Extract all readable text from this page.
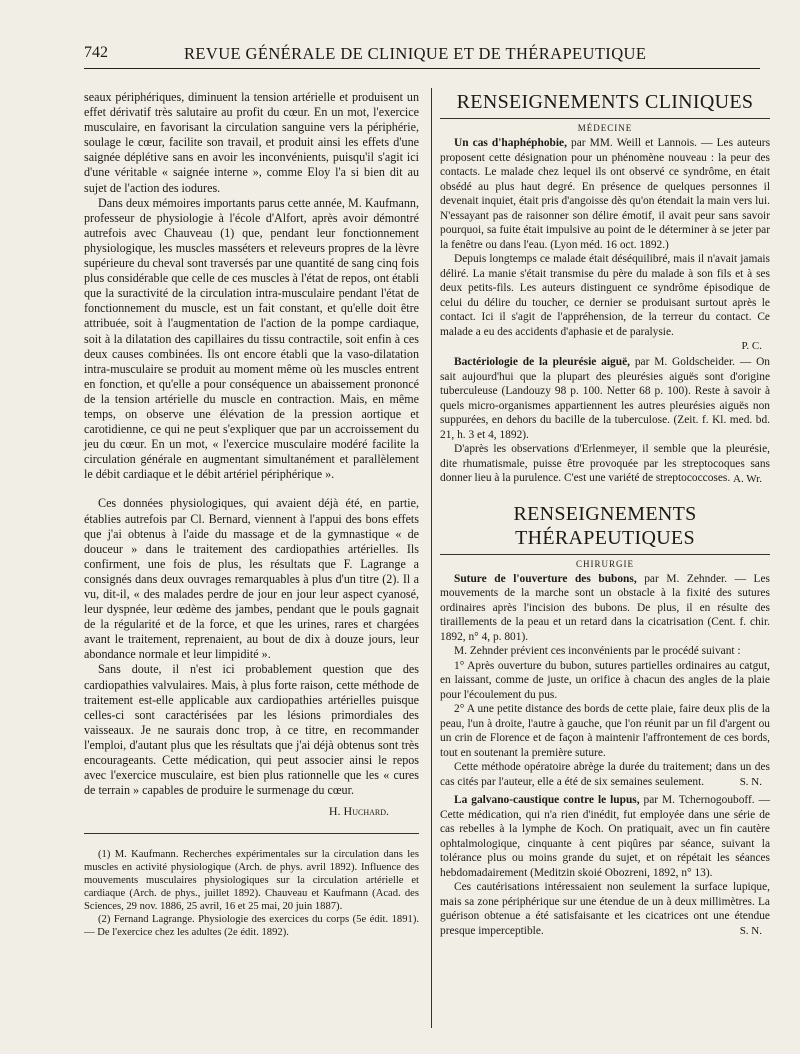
742	REVUE GÉNÉRALE DE CLINIQUE ET DE THÉRAPEUTIQUE

seaux périphériques, diminuent la tension artérielle et produisent un effet dérivatif très salutaire au profit du cœur. En un mot, l'exercice musculaire, en favorisant la circulation sanguine vers la périphérie, soulage le cœur, facilite son travail, et produit ainsi les effets d'une saignée déplétive sans en avoir les inconvénients, puisqu'il s'agit ici d'une véritable « saignée interne », comme Eloy l'a si bien dit au sujet de l'action des iodures.

Dans deux mémoires importants parus cette année, M. Kaufmann, professeur de physiologie à l'école d'Alfort, après avoir démontré autrefois avec Chauveau (1) que, pendant leur fonctionnement physiologique, les muscles masséters et releveurs propres de la lèvre supérieure du cheval sont traversés par une quantité de sang cinq fois plus considérable que celle de ces muscles à l'état de repos, ont établi que la suractivité de la circulation intra-musculaire pendant l'état de fonctionnement du muscle, est un fait constant, et qu'elle doit être attribuée, soit à l'augmentation de l'action de la pompe cardiaque, soit à la dilatation des capillaires du tissu contractile, soit enfin à ces deux causes combinées. Ils ont encore établi que la vaso-dilatation intra-musculaire se produit au moment même où les muscles entrent en fonction, et qu'elle a pour conséquence un abaissement prononcé de la tension artérielle du muscle en contraction. Mais, en même temps, on observe une élévation de la pression aortique et carotidienne, ce qui ne peut s'expliquer que par un accroissement du jeu du cœur. En un mot, « l'exercice musculaire modéré facilite la circulation générale en augmentant simultanément et parallèlement le débit cardiaque et le débit artériel périphérique ».

Ces données physiologiques, qui avaient déjà été, en partie, établies autrefois par Cl. Bernard, viennent à l'appui des bons effets que j'ai obtenus à l'aide du massage et de la gymnastique « de douceur » dans le traitement des cardiopathies artérielles. Ils confirment, une fois de plus, les résultats que F. Lagrange a consignés dans deux ouvrages remarquables à plus d'un titre (2). Il a vu, dit-il, « des malades perdre de jour en jour leur aspect cyanosé, leur dyspnée, leur œdème des jambes, pendant que le pouls gagnait de la régularité et de la force, et que les urines, rares et chargées avant le traitement, reprenaient, au bout de dix à douze jours, leur abondance normale et leur limpidité ».

Sans doute, il n'est ici probablement question que des cardiopathies valvulaires. Mais, à plus forte raison, cette méthode de traitement est-elle applicable aux cardiopathies artérielles puisque celles-ci sont caractérisées par les lésions primordiales des vaisseaux. Je ne saurais donc trop, à ce titre, en recommander l'emploi, d'autant plus que les résultats que j'ai déjà obtenus sont très encourageants. Cette médication, qui peut associer ainsi le repos avec l'exercice musculaire, est bien plus rationnelle que les « cures de terrain » capables de produire le surmenage du cœur.

H. Huchard.

(1) M. Kaufmann. Recherches expérimentales sur la circulation dans les muscles en activité physiologique (Arch. de phys. avril 1892). Influence des mouvements musculaires physiologiques sur la circulation artérielle et cardiaque (Arch. de phys., juillet 1892). Chauveau et Kaufmann (Acad. des Sciences, 29 nov. 1886, 25 avril, 16 et 25 mai, 20 juin 1887).

(2) Fernand Lagrange. Physiologie des exercices du corps (5e édit. 1891). — De l'exercice chez les adultes (2e édit. 1892).

RENSEIGNEMENTS CLINIQUES
MÉDECINE

Un cas d'haphéphobie, par MM. Weill et Lannois. — Les auteurs proposent cette désignation pour un phénomène nouveau : la peur des contacts. Le malade chez lequel ils ont observé ce syndrôme, en était obsédé au plus haut degré. En présence de quelques personnes il devenait inquiet, était pris d'angoisse dès qu'on étendait la main vers lui. N'essayant pas de raisonner son délire émotif, il avait peur sans savoir pourquoi, sa fuite était impulsive au point de le déterminer à se jeter par la fenêtre ou dans l'eau. (Lyon méd. 16 oct. 1892.)

Depuis longtemps ce malade était déséquilibré, mais il n'avait jamais déliré. La manie s'était transmise du père du malade à son fils et à ses deux petits-fils. Les auteurs distinguent ce syndrôme épisodique de celui du délire du toucher, ce dernier se produisant surtout après le contact. Ici il s'agit de l'appréhension, de la terreur du contact. Ce malade a eu des accidents d'aphasie et de paralysie.

P. C.

Bactériologie de la pleurésie aiguë, par M. Goldscheider. — On sait aujourd'hui que la plupart des pleurésies aiguës sont d'origine tuberculeuse (Landouzy 98 p. 100. Netter 68 p. 100). Reste à savoir à quels micro-organismes appartiennent les autres pleurésies aiguës non suppurées, en dehors du bacille de la tuberculose. (Zeit. f. Kl. med. bd. 21, h. 3 et 4, 1892).

D'après les observations d'Erlenmeyer, il semble que la pleurésie, dite rhumatismale, puisse être provoquée par les streptocoques sans donner lieu à la purulence. C'est une variété de streptococcoses. A. Wr.
RENSEIGNEMENTS THÉRAPEUTIQUES
CHIRURGIE

Suture de l'ouverture des bubons, par M. Zehnder. — Les mouvements de la marche sont un obstacle à la fixité des sutures ordinaires après l'incision des bubons. De plus, il en résulte des tiraillements de la peau et un retard dans la cicatrisation (Cent. f. chir. 1892, n° 4, p. 801).

M. Zehnder prévient ces inconvénients par le procédé suivant :

1° Après ouverture du bubon, sutures partielles ordinaires au catgut, en laissant, comme de juste, un orifice à chacun des angles de la plaie pour l'écoulement du pus.

2° A une petite distance des bords de cette plaie, faire deux plis de la peau, l'un à droite, l'autre à gauche, que l'on réunit par un fil d'argent ou un crin de Florence et de façon à maintenir l'affrontement de ces bords, tout en soutenant la première suture.

Cette méthode opératoire abrège la durée du traitement; dans un des cas cités par l'auteur, elle a été de six semaines seulement.	S. N.

La galvano-caustique contre le lupus, par M. Tchernogouboff. — Cette médication, qui n'a rien d'inédit, fut employée dans une série de cas rebelles à la lymphe de Koch. On pratiquait, avec un fin cautère ophtalmologique, cinquante à cent piqûres par séance, suivant la tolérance plus ou moins grande du sujet, et on répétait les séances hebdomadairement (Meditzin skoié Obozreni, 1892, n° 13).

Ces cautérisations intéressaient non seulement la surface lupique, mais sa zone périphérique sur une étendue de un à deux millimètres. La guérison obtenue a été satisfaisante et les cicatrices ont une étendue presque imperceptible.	S. N.
